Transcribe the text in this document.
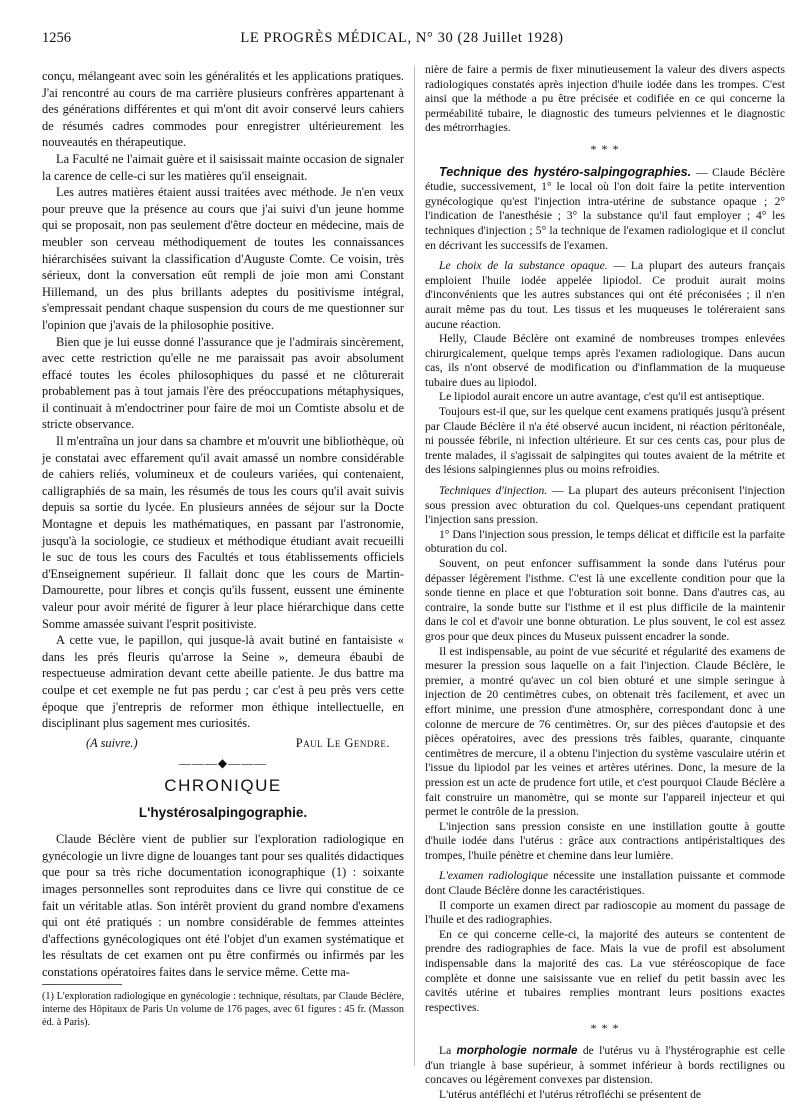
1256	LE PROGRÈS MÉDICAL, N° 30 (28 Juillet 1928)

conçu, mélangeant avec soin les généralités et les applications pratiques. J'ai rencontré au cours de ma carrière plusieurs confrères appartenant à des générations différentes et qui m'ont dit avoir conservé leurs cahiers de résumés cadres commodes pour enregistrer ultérieurement les nouveautés en thérapeutique.

La Faculté ne l'aimait guère et il saisissait mainte occasion de signaler la carence de celle-ci sur les matières qu'il enseignait.

Les autres matières étaient aussi traitées avec méthode. Je n'en veux pour preuve que la présence au cours que j'ai suivi d'un jeune homme qui se proposait, non pas seulement d'être docteur en médecine, mais de meubler son cerveau méthodiquement de toutes les connaissances hiérarchisées suivant la classification d'Auguste Comte. Ce voisin, très sérieux, dont la conversation eût rempli de joie mon ami Constant Hillemand, un des plus brillants adeptes du positivisme intégral, s'empressait pendant chaque suspension du cours de me questionner sur l'opinion que j'avais de la philosophie positive.

Bien que je lui eusse donné l'assurance que je l'admirais sincèrement, avec cette restriction qu'elle ne me paraissait pas avoir absolument effacé toutes les écoles philosophiques du passé et ne clôturerait probablement pas à tout jamais l'ère des préoccupations métaphysiques, il continuait à m'endoctriner pour faire de moi un Comtiste absolu et de stricte observance.

Il m'entraîna un jour dans sa chambre et m'ouvrit une bibliothèque, où je constatai avec effarement qu'il avait amassé un nombre considérable de cahiers reliés, volumineux et de couleurs variées, qui contenaient, calligraphiés de sa main, les résumés de tous les cours qu'il avait suivis depuis sa sortie du lycée. En plusieurs années de séjour sur la Docte Montagne et depuis les mathématiques, en passant par l'astronomie, jusqu'à la sociologie, ce studieux et méthodique étudiant avait recueilli le suc de tous les cours des Facultés et tous établissements officiels d'Enseignement supérieur. Il fallait donc que les cours de Martin-Damourette, pour libres et conçis qu'ils fussent, eussent une éminente valeur pour avoir mérité de figurer à leur place hiérarchique dans cette Somme amassée suivant l'esprit positiviste.

A cette vue, le papillon, qui jusque-là avait butiné en fantaisiste « dans les prés fleuris qu'arrose la Seine », demeura ébaubi de respectueuse admiration devant cette abeille patiente. Je dus battre ma coulpe et cet exemple ne fut pas perdu ; car c'est à peu près vers cette époque que j'entrepris de reformer mon éthique intellectuelle, en disciplinant plus sagement mes curiosités.

(A suivre.)	Paul Le Gendre.
———◆———
CHRONIQUE
L'hystérosalpingographie.

Claude Béclère vient de publier sur l'exploration radiologique en gynécologie un livre digne de louanges tant pour ses qualités didactiques que pour sa très riche documentation iconographique (1) : soixante images personnelles sont reproduites dans ce livre qui constitue de ce fait un véritable atlas. Son intérêt provient du grand nombre d'examens qui ont été pratiqués : un nombre considérable de femmes atteintes d'affections gynécologiques ont été l'objet d'un examen systématique et les résultats de cet examen ont pu être confirmés ou infirmés par les constations opératoires faites dans le service même. Cette ma-

(1) L'exploration radiologique en gynécologie : technique, résultats, par Claude Béclère, interne des Hôpitaux de Paris Un volume de 176 pages, avec 61 figures : 45 fr. (Masson éd. à Paris).

nière de faire a permis de fixer minutieusement la valeur des divers aspects radiologiques constatés après injection d'huile iodée dans les trompes. C'est ainsi que la méthode a pu être précisée et codifiée en ce qui concerne la perméabilité tubaire, le diagnostic des tumeurs pelviennes et le diagnostic des métrorrhagies.

* * *

Technique des hystéro-salpingographies. — Claude Béclère étudie, successivement, 1° le local où l'on doit faire la petite intervention gynécologique qu'est l'injection intra-utérine de substance opaque ; 2° l'indication de l'anesthésie ; 3° la substance qu'il faut employer ; 4° les techniques d'injection ; 5° la technique de l'examen radiologique et il conclut en décrivant les successifs de l'examen.

Le choix de la substance opaque. — La plupart des auteurs français emploient l'huile iodée appelée lipiodol. Ce produit aurait moins d'inconvénients que les autres substances qui ont été préconisées ; il n'en aurait même pas du tout. Les tissus et les muqueuses le toléreraient sans aucune réaction.

Helly, Claude Béclère ont examiné de nombreuses trompes enlevées chirurgicalement, quelque temps après l'examen radiologique. Dans aucun cas, ils n'ont observé de modification ou d'inflammation de la muqueuse tubaire dues au lipiodol.

Le lipiodol aurait encore un autre avantage, c'est qu'il est antiseptique.

Toujours est-il que, sur les quelque cent examens pratiqués jusqu'à présent par Claude Béclère il n'a été observé aucun incident, ni réaction péritonéale, ni poussée fébrile, ni infection ultérieure. Et sur ces cents cas, pour plus de trente malades, il s'agissait de salpingites qui toutes avaient de la métrite et des lésions salpingiennes plus ou moins refroidies.

Techniques d'injection. — La plupart des auteurs préconisent l'injection sous pression avec obturation du col. Quelques-uns cependant pratiquent l'injection sans pression.

1° Dans l'injection sous pression, le temps délicat et difficile est la parfaite obturation du col.

Souvent, on peut enfoncer suffisamment la sonde dans l'utérus pour dépasser légèrement l'isthme. C'est là une excellente condition pour que la sonde tienne en place et que l'obturation soit bonne. Dans d'autres cas, au contraire, la sonde butte sur l'isthme et il est plus difficile de la maintenir dans le col et d'avoir une bonne obturation. Le plus souvent, le col est assez gros pour que deux pinces du Museux puissent encadrer la sonde.

Il est indispensable, au point de vue sécurité et régularité des examens de mesurer la pression sous laquelle on a fait l'injection. Claude Béclère, le premier, a montré qu'avec un col bien obturé et une simple seringue à injection de 20 centimètres cubes, on obtenait très facilement, et avec un effort minime, une pression d'une atmosphère, correspondant donc à une colonne de mercure de 76 centimètres. Or, sur des pièces d'autopsie et des pièces opératoires, avec des pressions très faibles, quarante, cinquante centimètres de mercure, il a obtenu l'injection du système vasculaire utérin et l'issue du lipiodol par les veines et artères utérines. Donc, la mesure de la pression est un acte de prudence fort utile, et c'est pourquoi Claude Béclère a fait construire un manomètre, qui se monte sur l'appareil injecteur et qui permet le contrôle de la pression.

L'injection sans pression consiste en une instillation goutte à goutte d'huile iodée dans l'utérus : grâce aux contractions antipéristaltiques des trompes, l'huile pénètre et chemine dans leur lumière.

L'examen radiologique nécessite une installation puissante et commode dont Claude Béclère donne les caractéristiques.

Il comporte un examen direct par radioscopie au moment du passage de l'huile et des radiographies.

En ce qui concerne celle-ci, la majorité des auteurs se contentent de prendre des radiographies de face. Mais la vue de profil est absolument indispensable dans la majorité des cas. La vue stéréoscopique de face complète et donne une saisissante vue en relief du petit bassin avec les cavités utérine et tubaires remplies montrant leurs positions exactes respectives.

* * *

La morphologie normale de l'utérus vu à l'hystérographie est celle d'un triangle à base supérieur, à sommet inférieur à bords rectilignes ou concaves ou légèrement convexes par distension.

L'utérus antéfléchi et l'utérus rétrofléchi se présentent de
